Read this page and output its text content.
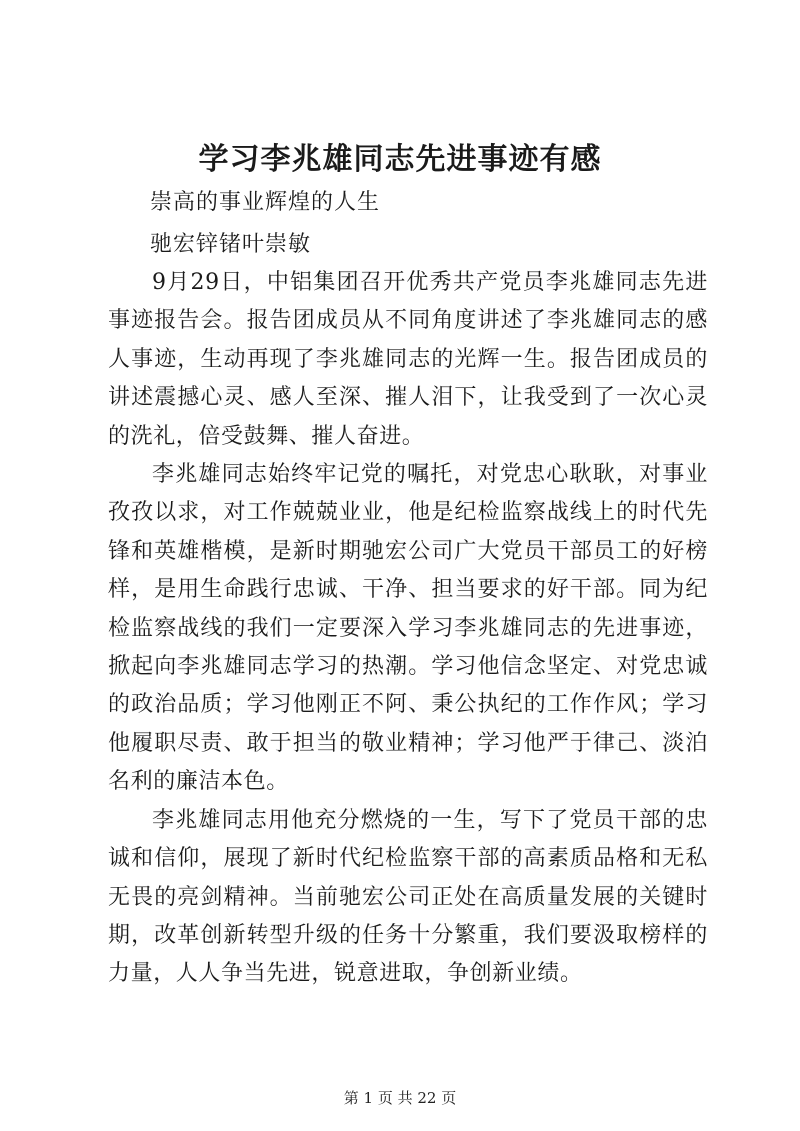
学习李兆雄同志先进事迹有感
崇高的事业辉煌的人生
驰宏锌锗叶崇敏

9月29日，中铝集团召开优秀共产党员李兆雄同志先进事迹报告会。报告团成员从不同角度讲述了李兆雄同志的感人事迹，生动再现了李兆雄同志的光辉一生。报告团成员的讲述震撼心灵、感人至深、摧人泪下，让我受到了一次心灵的洗礼，倍受鼓舞、摧人奋进。

李兆雄同志始终牢记党的嘱托，对党忠心耿耿，对事业孜孜以求，对工作兢兢业业，他是纪检监察战线上的时代先锋和英雄楷模，是新时期驰宏公司广大党员干部员工的好榜样，是用生命践行忠诚、干净、担当要求的好干部。同为纪检监察战线的我们一定要深入学习李兆雄同志的先进事迹，掀起向李兆雄同志学习的热潮。学习他信念坚定、对党忠诚的政治品质；学习他刚正不阿、秉公执纪的工作作风；学习他履职尽责、敢于担当的敬业精神；学习他严于律己、淡泊名利的廉洁本色。

李兆雄同志用他充分燃烧的一生，写下了党员干部的忠诚和信仰，展现了新时代纪检监察干部的高素质品格和无私无畏的亮剑精神。当前驰宏公司正处在高质量发展的关键时期，改革创新转型升级的任务十分繁重，我们要汲取榜样的力量，人人争当先进，锐意进取，争创新业绩。

第 1 页 共 22 页
